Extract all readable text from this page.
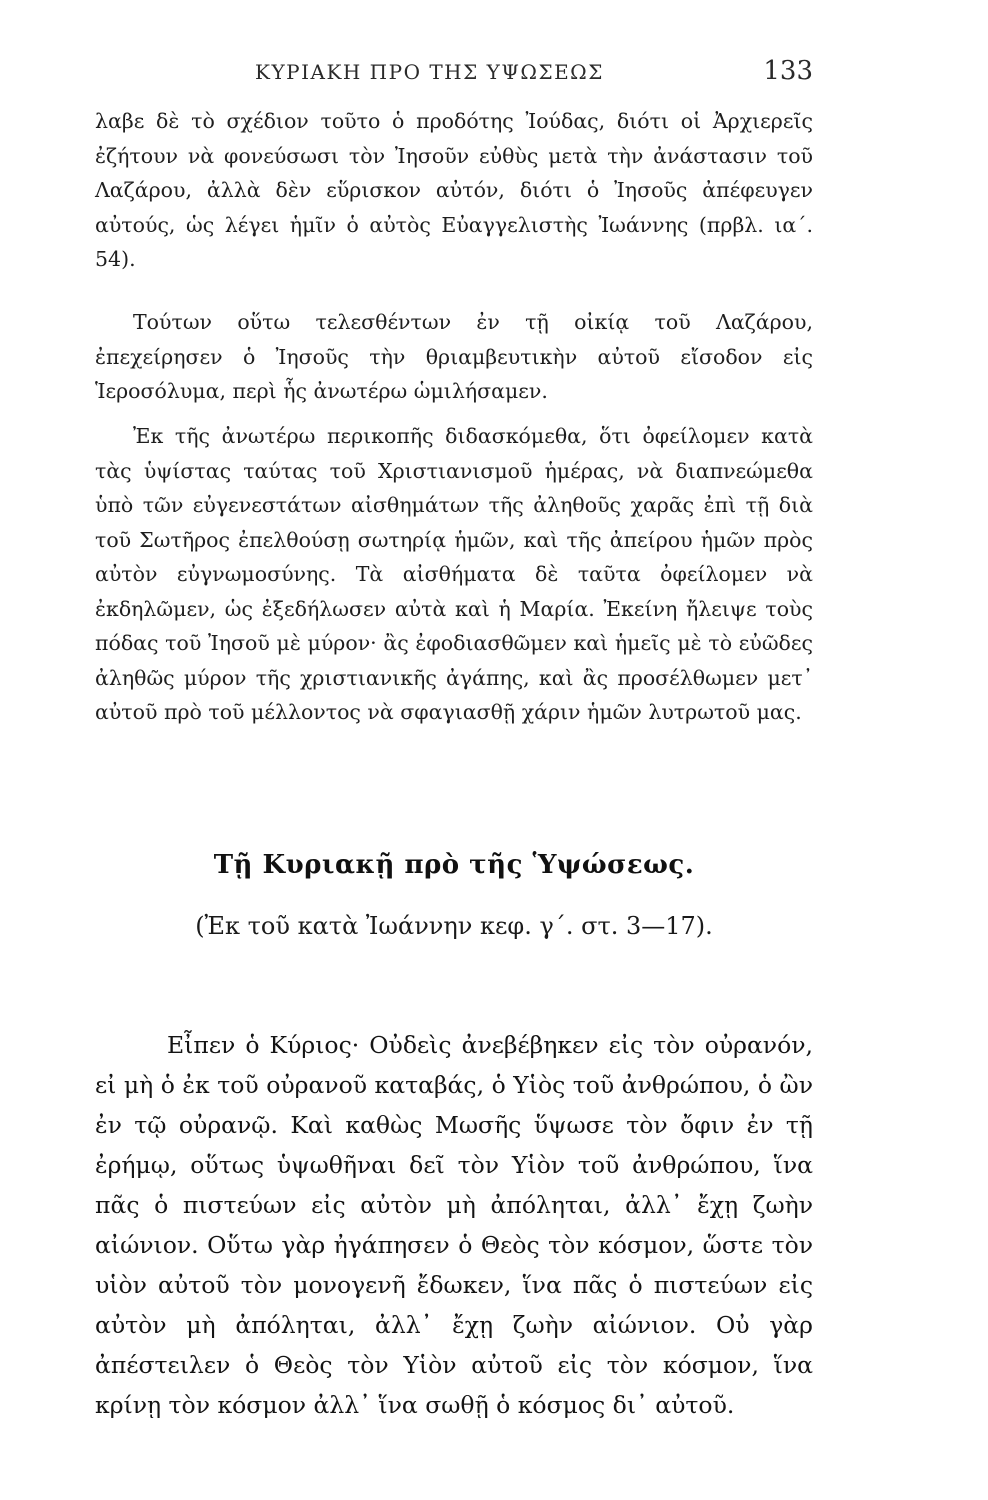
ΚΥΡΙΑΚΗ ΠΡΟ ΤΗΣ ΥΨΩΣΕΩΣ	133

λαβε δὲ τὸ σχέδιον τοῦτο ὁ προδότης Ἰούδας, διότι οἱ Ἀρχιερεῖς ἐζήτουν νὰ φονεύσωσι τὸν Ἰησοῦν εὐθὺς μετὰ τὴν ἀνάστασιν τοῦ Λαζάρου, ἀλλὰ δὲν εὕρισκον αὐτόν, διότι ὁ Ἰησοῦς ἀπέφευγεν αὐτούς, ὡς λέγει ἡμῖν ὁ αὐτὸς Εὐαγγελιστὴς Ἰωάννης (πρβλ. ια΄. 54).

Τούτων οὕτω τελεσθέντων ἐν τῇ οἰκίᾳ τοῦ Λαζάρου, ἐπεχείρησεν ὁ Ἰησοῦς τὴν θριαμβευτικὴν αὐτοῦ εἴσοδον εἰς Ἱεροσόλυμα, περὶ ἧς ἀνωτέρω ὡμιλήσαμεν.

Ἐκ τῆς ἀνωτέρω περικοπῆς διδασκόμεθα, ὅτι ὀφείλομεν κατὰ τὰς ὑψίστας ταύτας τοῦ Χριστιανισμοῦ ἡμέρας, νὰ διαπνεώμεθα ὑπὸ τῶν εὐγενεστάτων αἰσθημάτων τῆς ἀληθοῦς χαρᾶς ἐπὶ τῇ διὰ τοῦ Σωτῆρος ἐπελθούσῃ σωτηρίᾳ ἡμῶν, καὶ τῆς ἀπείρου ἡμῶν πρὸς αὐτὸν εὐγνωμοσύνης. Τὰ αἰσθήματα δὲ ταῦτα ὀφείλομεν νὰ ἐκδηλῶμεν, ὡς ἐξεδήλωσεν αὐτὰ καὶ ἡ Μαρία. Ἐκείνη ἤλειψε τοὺς πόδας τοῦ Ἰησοῦ μὲ μύρον· ἂς ἐφοδιασθῶμεν καὶ ἡμεῖς μὲ τὸ εὐῶδες ἀληθῶς μύρον τῆς χριστιανικῆς ἀγάπης, καὶ ἂς προσέλθωμεν μετ᾽ αὐτοῦ πρὸ τοῦ μέλλοντος νὰ σφαγιασθῇ χάριν ἡμῶν λυτρωτοῦ μας.

Τῇ Κυριακῇ πρὸ τῆς Ὑψώσεως.

(Ἐκ τοῦ κατὰ Ἰωάννην κεφ. γ΄. στ. 3—17).

Εἶπεν ὁ Κύριος· Οὐδεὶς ἀνεβέβηκεν εἰς τὸν οὐρανόν, εἰ μὴ ὁ ἐκ τοῦ οὐρανοῦ καταβάς, ὁ Υἱὸς τοῦ ἀνθρώπου, ὁ ὢν ἐν τῷ οὐρανῷ. Καὶ καθὼς Μωσῆς ὕψωσε τὸν ὄφιν ἐν τῇ ἐρήμῳ, οὕτως ὑψωθῆναι δεῖ τὸν Υἱὸν τοῦ ἀνθρώπου, ἵνα πᾶς ὁ πιστεύων εἰς αὐτὸν μὴ ἀπόληται, ἀλλ᾽ ἔχῃ ζωὴν αἰώνιον. Οὕτω γὰρ ἠγάπησεν ὁ Θεὸς τὸν κόσμον, ὥστε τὸν υἱὸν αὐτοῦ τὸν μονογενῆ ἔδωκεν, ἵνα πᾶς ὁ πιστεύων εἰς αὐτὸν μὴ ἀπόληται, ἀλλ᾽ ἔχῃ ζωὴν αἰώνιον. Οὐ γὰρ ἀπέστειλεν ὁ Θεὸς τὸν Υἱὸν αὐτοῦ εἰς τὸν κόσμον, ἵνα κρίνῃ τὸν κόσμον ἀλλ᾽ ἵνα σωθῇ ὁ κόσμος δι᾽ αὐτοῦ.
